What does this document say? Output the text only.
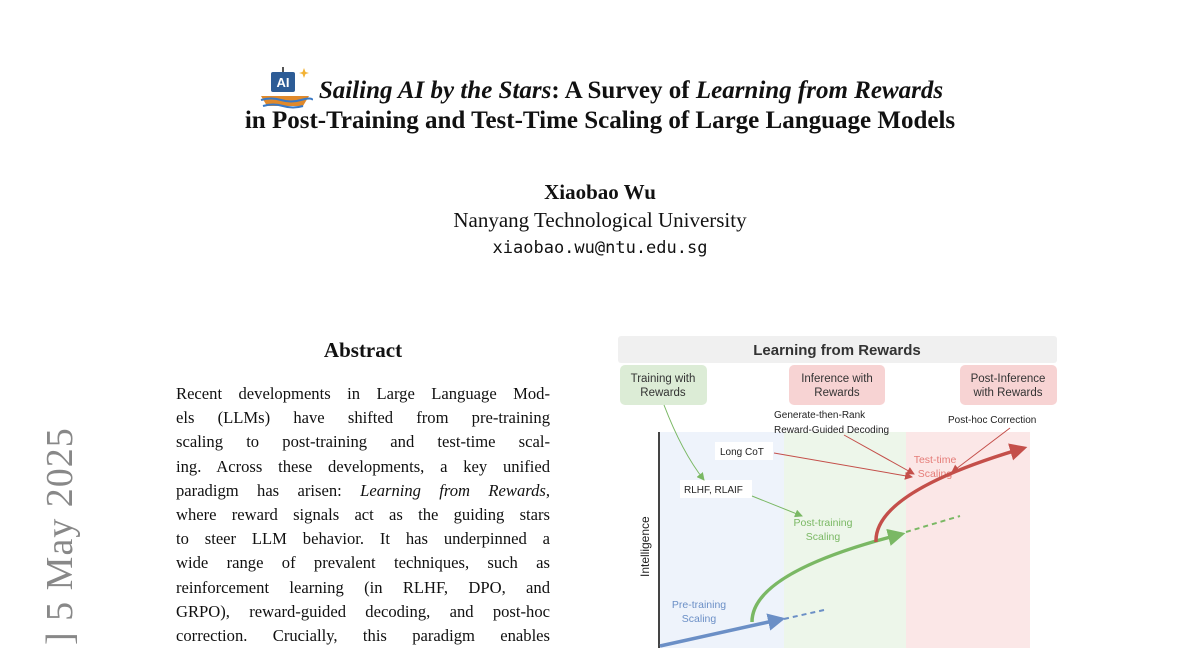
AI Sailing AI by the Stars: A Survey of Learning from Rewards
in Post-Training and Test-Time Scaling of Large Language Models
Xiaobao Wu
Nanyang Technological University
xiaobao.wu@ntu.edu.sg
] 5 May 2025
Abstract

Recent developments in Large Language Mod-

els (LLMs) have shifted from pre-training

scaling to post-training and test-time scal-

ing. Across these developments, a key unified

paradigm has arisen: Learning from Rewards,

where reward signals act as the guiding stars

to steer LLM behavior. It has underpinned a

wide range of prevalent techniques, such as

reinforcement learning (in RLHF, DPO, and

GRPO), reward-guided decoding, and post-hoc

correction. Crucially, this paradigm enables

Learning from Rewards
Training with
Rewards
Inference with
Rewards
Post-Inference
with Rewards
Generate-then-Rank
Reward-Guided Decoding
Post-hoc Correction
Long CoT
RLHF, RLAIF
Intelligence
Test-time
Scaling
Post-training
Scaling
Pre-training
Scaling
